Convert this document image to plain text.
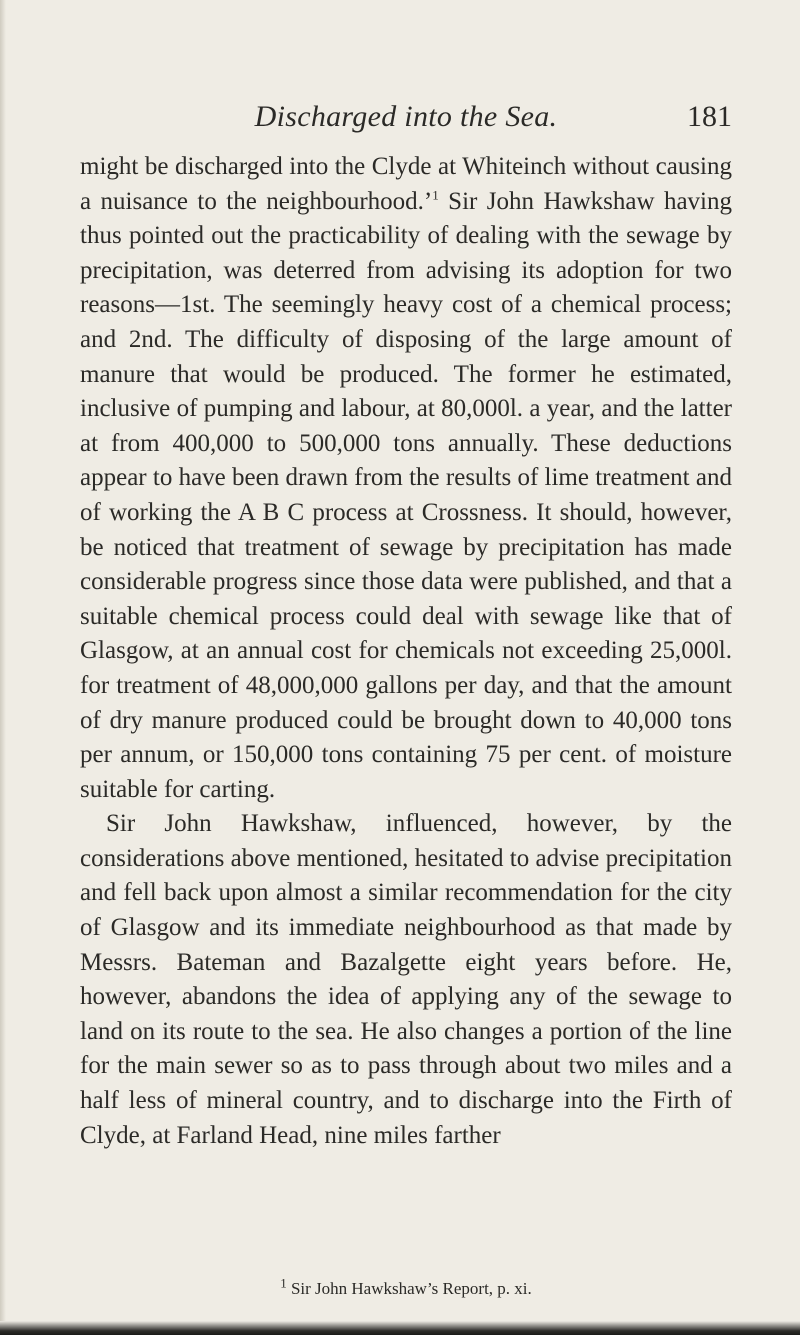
Discharged into the Sea.	181

might be discharged into the Clyde at Whiteinch without causing a nuisance to the neighbourhood.’$^1$ Sir John Hawkshaw having thus pointed out the practicability of dealing with the sewage by precipitation, was deterred from advising its adoption for two reasons—1st. The seemingly heavy cost of a chemical process; and 2nd. The difficulty of disposing of the large amount of manure that would be produced. The former he estimated, inclusive of pumping and labour, at 80,000l. a year, and the latter at from 400,000 to 500,000 tons annually. These deductions appear to have been drawn from the results of lime treatment and of working the A B C process at Crossness. It should, however, be noticed that treatment of sewage by precipitation has made considerable progress since those data were published, and that a suitable chemical process could deal with sewage like that of Glasgow, at an annual cost for chemicals not exceeding 25,000l. for treatment of 48,000,000 gallons per day, and that the amount of dry manure produced could be brought down to 40,000 tons per annum, or 150,000 tons containing 75 per cent. of moisture suitable for carting.

Sir John Hawkshaw, influenced, however, by the considerations above mentioned, hesitated to advise precipitation and fell back upon almost a similar recommendation for the city of Glasgow and its immediate neighbourhood as that made by Messrs. Bateman and Bazalgette eight years before. He, however, abandons the idea of applying any of the sewage to land on its route to the sea. He also changes a portion of the line for the main sewer so as to pass through about two miles and a half less of mineral country, and to discharge into the Firth of Clyde, at Farland Head, nine miles farther

$^1$ Sir John Hawkshaw’s Report, p. xi.
